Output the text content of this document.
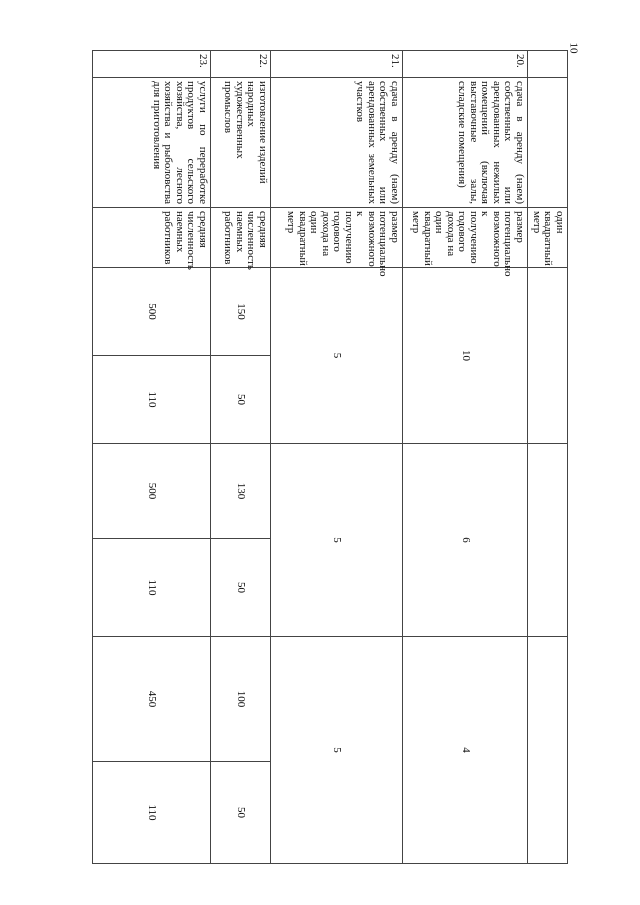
10
		один квадратный метр						
20.	сдача в аренду (наем) собственных или арендованных нежилых помещений (включая выставочные залы, складские помещения)	размер потенциально возможного к получению годового дохода на один квадратный метр	10		6		4	
21.	сдача в аренду (наем) собственных или арендованных земельных участков	размер потенциально возможного к получению годового дохода на один квадратный метр	5		5		5	
22.	изготовление изделий народных художественных промыслов	средняя численность наемных работников	150	50	130	50	100	50
23.	услуги по переработке продуктов сельского хозяйства, лесного хозяйства и рыболовства для приготовления	средняя численность наемных работников	500	110	500	110	450	110
